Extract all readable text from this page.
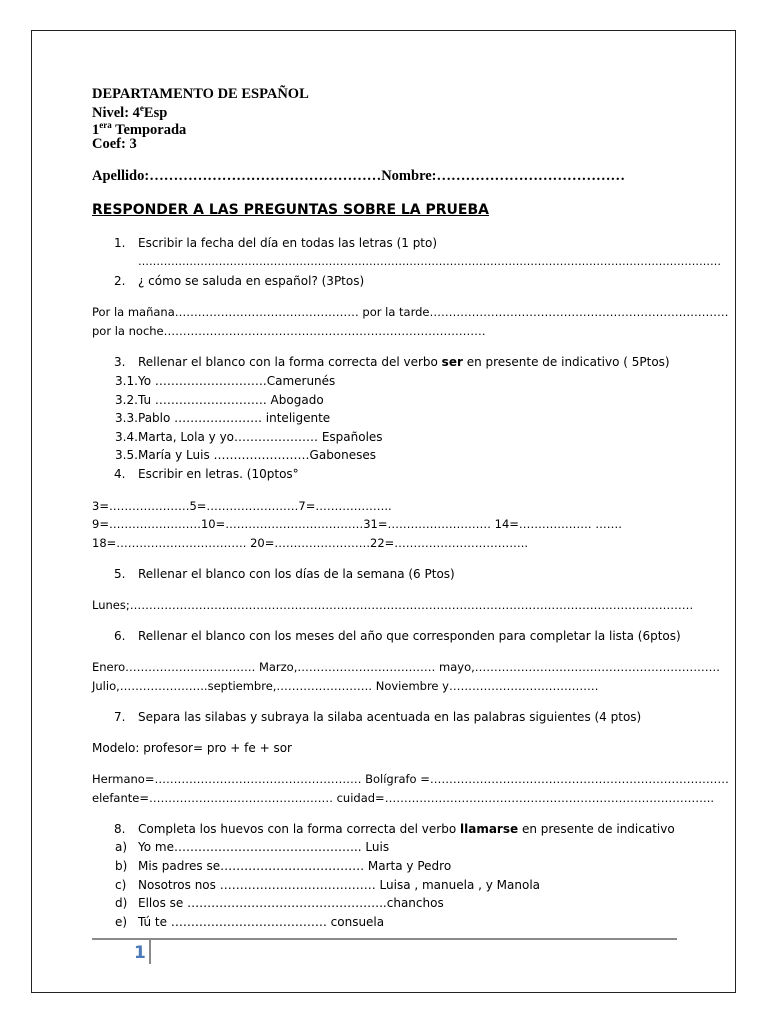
DEPARTAMENTO DE ESPAÑOL
Nivel: 4eEsp
$1^{era}$ Temporada
Coef: 3
Apellido:…………………………………………Nombre:…………………………………
RESPONDER A LAS PREGUNTAS SOBRE LA PRUEBA
1. Escribir la fecha del día en todas las letras (1 pto)
……………………………………………………………………………………………………………………………………………
2. ¿ cómo se saluda en español? (3Ptos)
Por la mañana………………………………………… por la tarde……………………………………………………………………
por la noche…………………………………………………………………………
3. Rellenar el blanco con la forma correcta del verbo ser en presente de indicativo ( 5Ptos)
3.1. Yo ……………………….Camerunés
3.2. Tu ………………………. Abogado
3.3. Pablo …………………. inteligente
3.4. Marta, Lola y yo………………… Españoles
3.5. María y Luis ……………………Gaboneses
4. Escribir en letras. (10ptos°
3=…………………5=……………………7=………………..
9=……………………10=………………………………31=……………………… 14=………………. …….
18=……………………………. 20=…………………….22=……………………………..
5. Rellenar el blanco con los días de la semana (6 Ptos)
Lunes;…………………………………………………………………………………………………………………………………
6. Rellenar el blanco con los meses del año que corresponden para completar la lista (6ptos)
Enero……………………………. Marzo,……………………………… mayo,……………………………………………………….
Julio,…………………..septiembre,……………………. Noviembre y…………………………………
7. Separa las silabas y subraya la silaba acentuada en las palabras siguientes (4 ptos)
Modelo: profesor= pro + fe + sor
Hermano=……………………………………………… Bolígrafo =……………………………………………………………………
elefante=………………………………………… cuidad=…………………………………………………………………………..
8. Completa los huevos con la forma correcta del verbo llamarse en presente de indicativo
a) Yo me……………………………………….. Luis
b) Mis padres se……………………………… Marta y Pedro
c) Nosotros nos ………………………………… Luisa , manuela , y Manola
d) Ellos se …………………………………………..chanchos
e) Tú te ………………………………… consuela
1
